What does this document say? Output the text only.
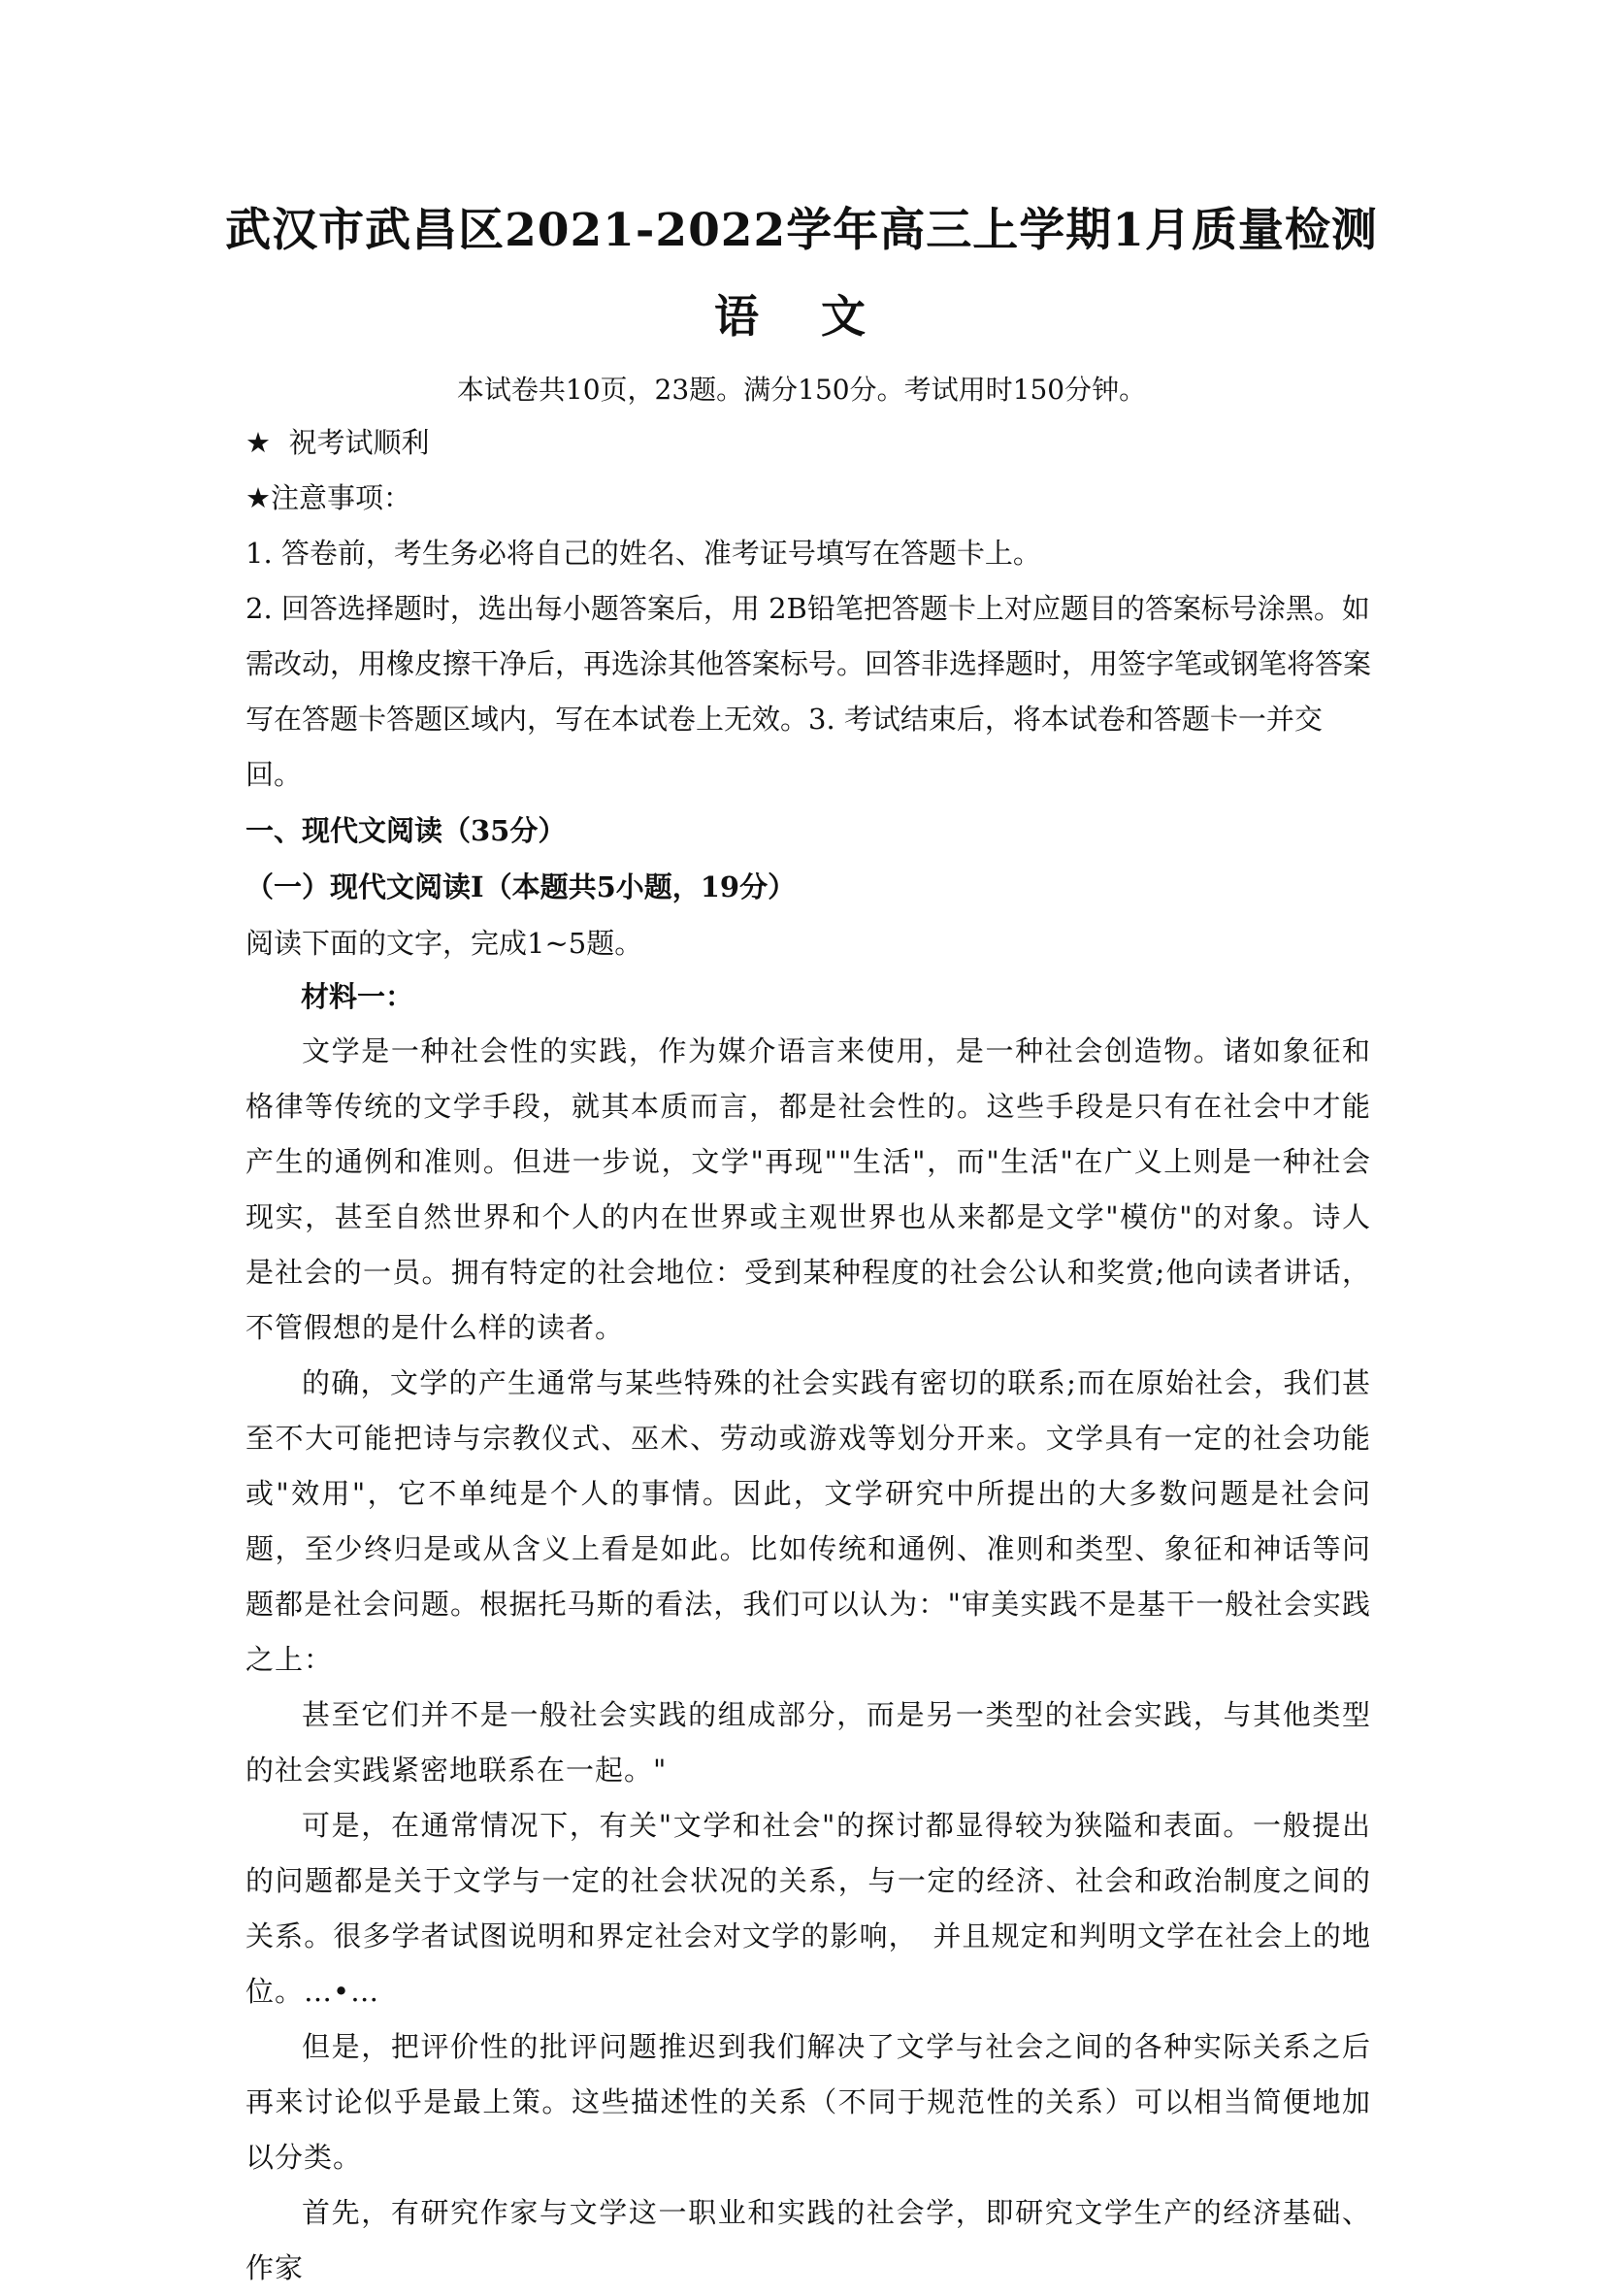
武汉市武昌区2021-2022学年高三上学期1月质量检测
语 文
本试卷共10页，23题。满分150分。考试用时150分钟。

★ 祝考试顺利

★注意事项：

1. 答卷前，考生务必将自己的姓名、准考证号填写在答题卡上。

2. 回答选择题时，选出每小题答案后，用 2B铅笔把答题卡上对应题目的答案标号涂黑。如需改动，用橡皮擦干净后，再选涂其他答案标号。回答非选择题时，用签字笔或钢笔将答案写在答题卡答题区域内，写在本试卷上无效。3. 考试结束后，将本试卷和答题卡一并交回。

一、现代文阅读（35分）
（一）现代文阅读Ⅰ（本题共5小题，19分）
阅读下面的文字，完成1~5题。
材料一：

文学是一种社会性的实践，作为媒介语言来使用，是一种社会创造物。诸如象征和格律等传统的文学手段，就其本质而言，都是社会性的。这些手段是只有在社会中才能产生的通例和准则。但进一步说，文学"再现""生活"，而"生活"在广义上则是一种社会现实，甚至自然世界和个人的内在世界或主观世界也从来都是文学"模仿"的对象。诗人是社会的一员。拥有特定的社会地位：受到某种程度的社会公认和奖赏;他向读者讲话，不管假想的是什么样的读者。

的确，文学的产生通常与某些特殊的社会实践有密切的联系;而在原始社会，我们甚至不大可能把诗与宗教仪式、巫术、劳动或游戏等划分开来。文学具有一定的社会功能或"效用"，它不单纯是个人的事情。因此，文学研究中所提出的大多数问题是社会问题，至少终归是或从含义上看是如此。比如传统和通例、准则和类型、象征和神话等问题都是社会问题。根据托马斯的看法，我们可以认为："审美实践不是基干一般社会实践之上：

甚至它们并不是一般社会实践的组成部分，而是另一类型的社会实践，与其他类型的社会实践紧密地联系在一起。"

可是，在通常情况下，有关"文学和社会"的探讨都显得较为狭隘和表面。一般提出的问题都是关于文学与一定的社会状况的关系，与一定的经济、社会和政治制度之间的关系。很多学者试图说明和界定社会对文学的影响，　并且规定和判明文学在社会上的地位。…•…

但是，把评价性的批评问题推迟到我们解决了文学与社会之间的各种实际关系之后再来讨论似乎是最上策。这些描述性的关系（不同于规范性的关系）可以相当简便地加以分类。

首先，有研究作家与文学这一职业和实践的社会学，即研究文学生产的经济基础、作家
